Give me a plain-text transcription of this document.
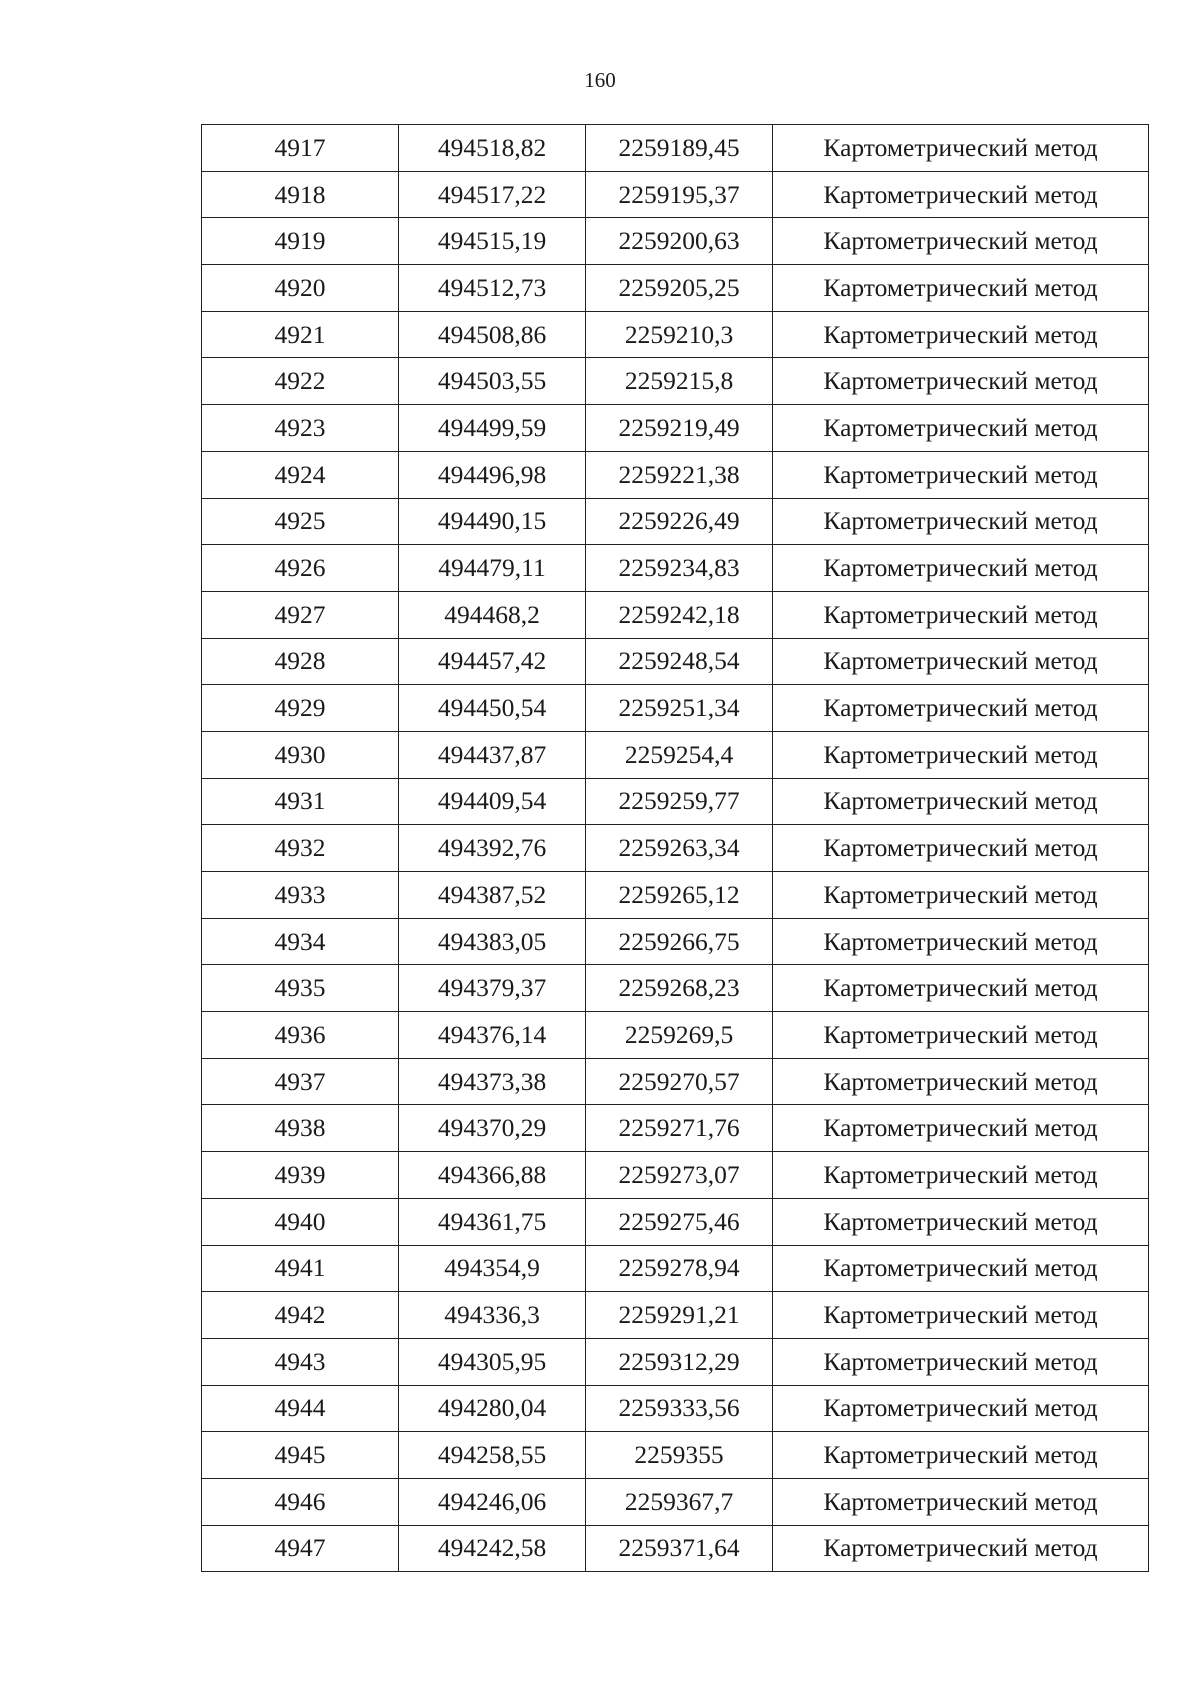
160
4917	494518,82	2259189,45	Картометрический метод
4918	494517,22	2259195,37	Картометрический метод
4919	494515,19	2259200,63	Картометрический метод
4920	494512,73	2259205,25	Картометрический метод
4921	494508,86	2259210,3	Картометрический метод
4922	494503,55	2259215,8	Картометрический метод
4923	494499,59	2259219,49	Картометрический метод
4924	494496,98	2259221,38	Картометрический метод
4925	494490,15	2259226,49	Картометрический метод
4926	494479,11	2259234,83	Картометрический метод
4927	494468,2	2259242,18	Картометрический метод
4928	494457,42	2259248,54	Картометрический метод
4929	494450,54	2259251,34	Картометрический метод
4930	494437,87	2259254,4	Картометрический метод
4931	494409,54	2259259,77	Картометрический метод
4932	494392,76	2259263,34	Картометрический метод
4933	494387,52	2259265,12	Картометрический метод
4934	494383,05	2259266,75	Картометрический метод
4935	494379,37	2259268,23	Картометрический метод
4936	494376,14	2259269,5	Картометрический метод
4937	494373,38	2259270,57	Картометрический метод
4938	494370,29	2259271,76	Картометрический метод
4939	494366,88	2259273,07	Картометрический метод
4940	494361,75	2259275,46	Картометрический метод
4941	494354,9	2259278,94	Картометрический метод
4942	494336,3	2259291,21	Картометрический метод
4943	494305,95	2259312,29	Картометрический метод
4944	494280,04	2259333,56	Картометрический метод
4945	494258,55	2259355	Картометрический метод
4946	494246,06	2259367,7	Картометрический метод
4947	494242,58	2259371,64	Картометрический метод
